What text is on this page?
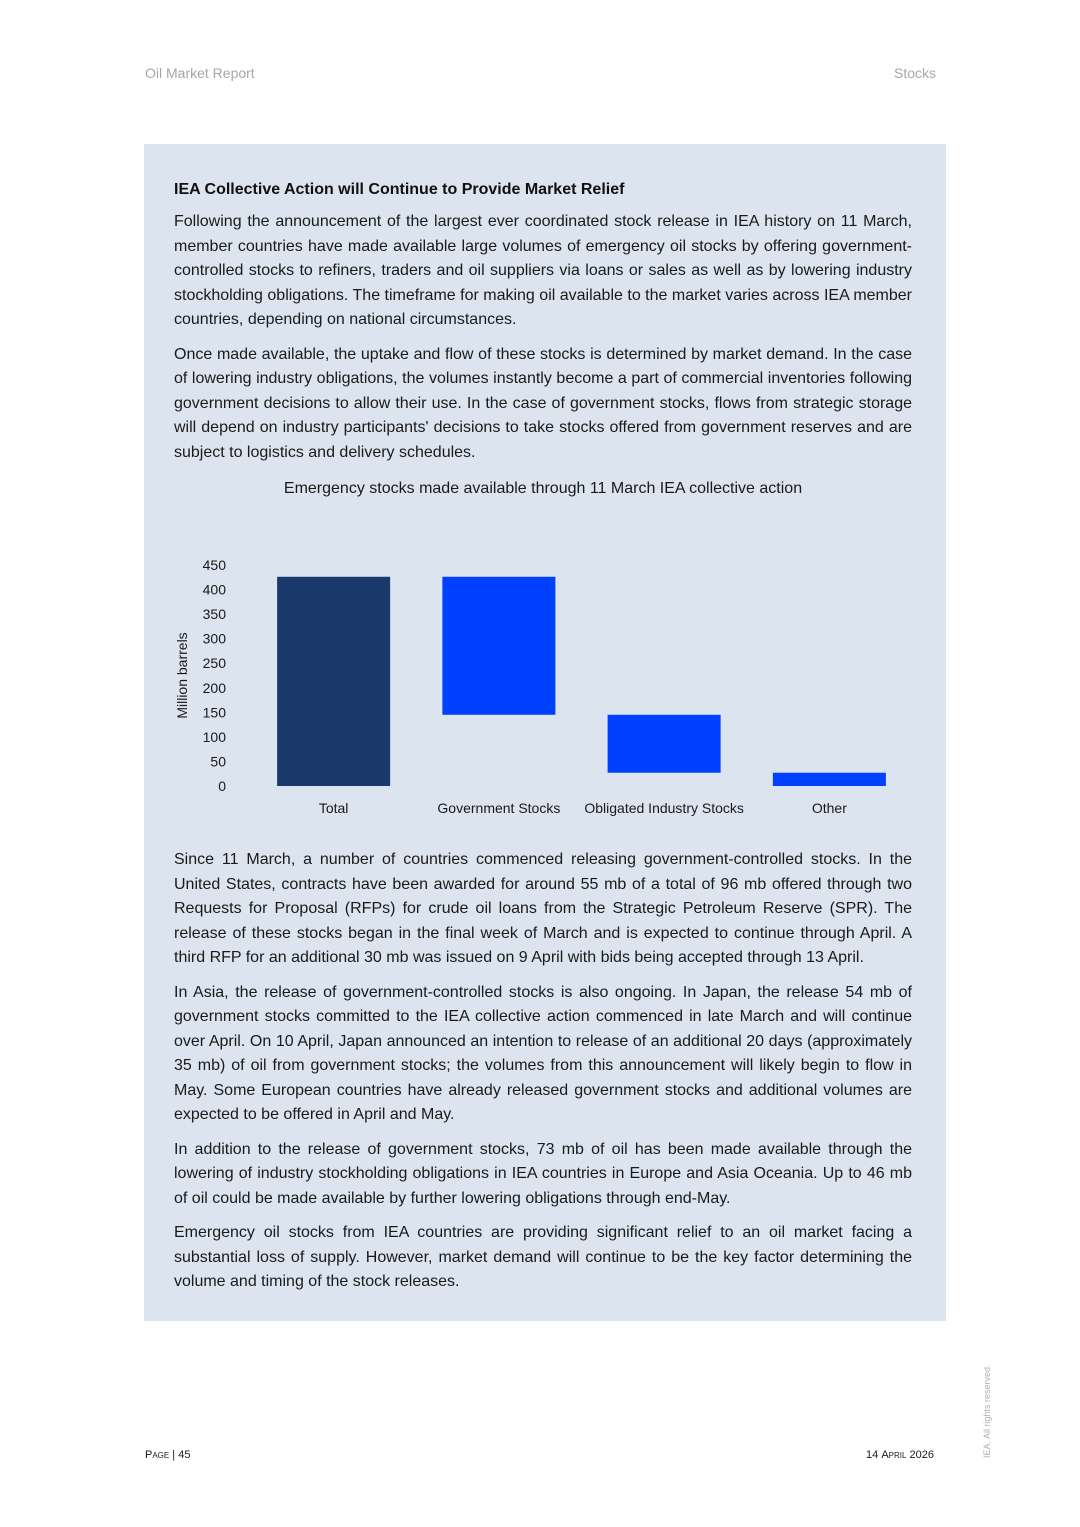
Oil Market Report	Stocks
IEA Collective Action will Continue to Provide Market Relief

Following the announcement of the largest ever coordinated stock release in IEA history on 11 March, member countries have made available large volumes of emergency oil stocks by offering government-controlled stocks to refiners, traders and oil suppliers via loans or sales as well as by lowering industry stockholding obligations. The timeframe for making oil available to the market varies across IEA member countries, depending on national circumstances.

Once made available, the uptake and flow of these stocks is determined by market demand. In the case of lowering industry obligations, the volumes instantly become a part of commercial inventories following government decisions to allow their use. In the case of government stocks, flows from strategic storage will depend on industry participants' decisions to take stocks offered from government reserves and are subject to logistics and delivery schedules.

Emergency stocks made available through 11 March IEA collective action
0
50
100
150
200
250
300
350
400
450
Million barrels
Total	Government Stocks Obligated Industry Stocks	Other

Since 11 March, a number of countries commenced releasing government-controlled stocks. In the United States, contracts have been awarded for around 55 mb of a total of 96 mb offered through two Requests for Proposal (RFPs) for crude oil loans from the Strategic Petroleum Reserve (SPR). The release of these stocks began in the final week of March and is expected to continue through April. A third RFP for an additional 30 mb was issued on 9 April with bids being accepted through 13 April.

In Asia, the release of government-controlled stocks is also ongoing. In Japan, the release 54 mb of government stocks committed to the IEA collective action commenced in late March and will continue over April. On 10 April, Japan announced an intention to release of an additional 20 days (approximately 35 mb) of oil from government stocks; the volumes from this announcement will likely begin to flow in May. Some European countries have already released government stocks and additional volumes are expected to be offered in April and May.

In addition to the release of government stocks, 73 mb of oil has been made available through the lowering of industry stockholding obligations in IEA countries in Europe and Asia Oceania. Up to 46 mb of oil could be made available by further lowering obligations through end-May.

Emergency oil stocks from IEA countries are providing significant relief to an oil market facing a substantial loss of supply. However, market demand will continue to be the key factor determining the volume and timing of the stock releases.

Page | 45	14 April 2026	IEA. All rights reserved.
